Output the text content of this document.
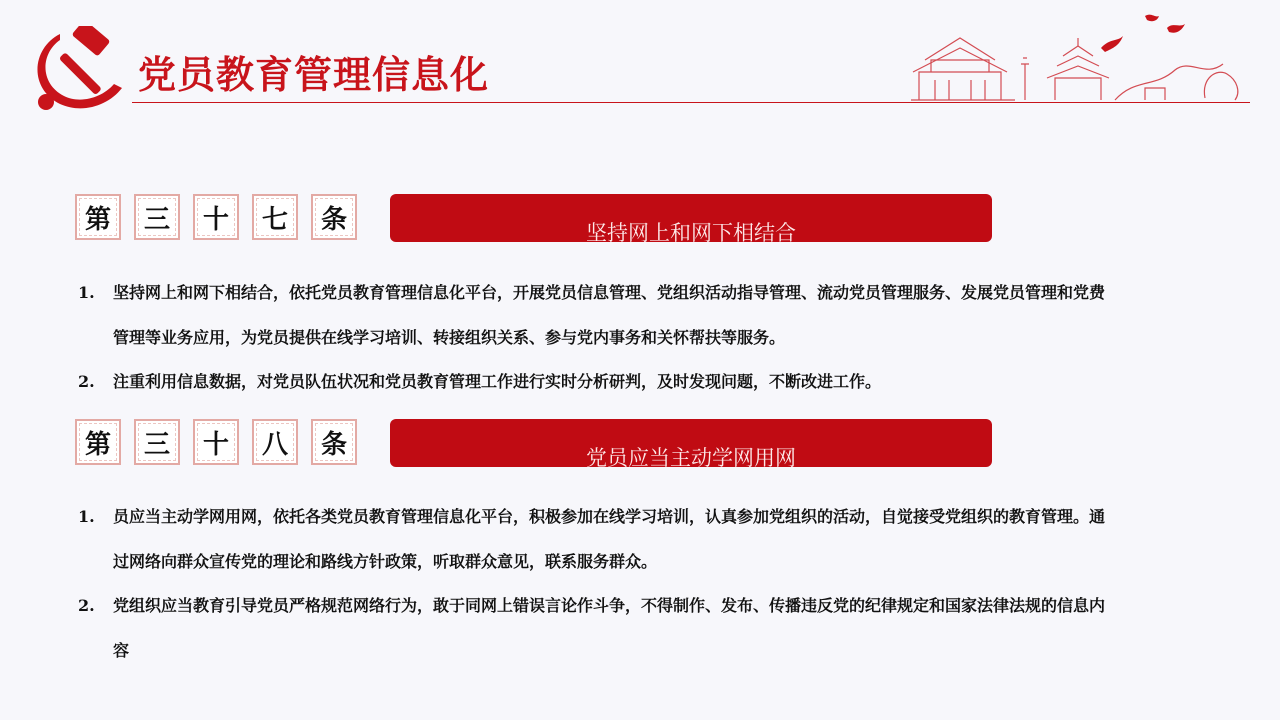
党员教育管理信息化
第 三 十 七 条	坚持网上和网下相结合
1.	坚持网上和网下相结合，依托党员教育管理信息化平台，开展党员信息管理、党组织活动指导管理、流动党员管理服务、发展党员管理和党费管理等业务应用，为党员提供在线学习培训、转接组织关系、参与党内事务和关怀帮扶等服务。
2.	注重利用信息数据，对党员队伍状况和党员教育管理工作进行实时分析研判，及时发现问题，不断改进工作。
第 三 十 八 条	党员应当主动学网用网
1.	员应当主动学网用网，依托各类党员教育管理信息化平台，积极参加在线学习培训，认真参加党组织的活动，自觉接受党组织的教育管理。通过网络向群众宣传党的理论和路线方针政策，听取群众意见，联系服务群众。
2.	党组织应当教育引导党员严格规范网络行为，敢于同网上错误言论作斗争，不得制作、发布、传播违反党的纪律规定和国家法律法规的信息内容
